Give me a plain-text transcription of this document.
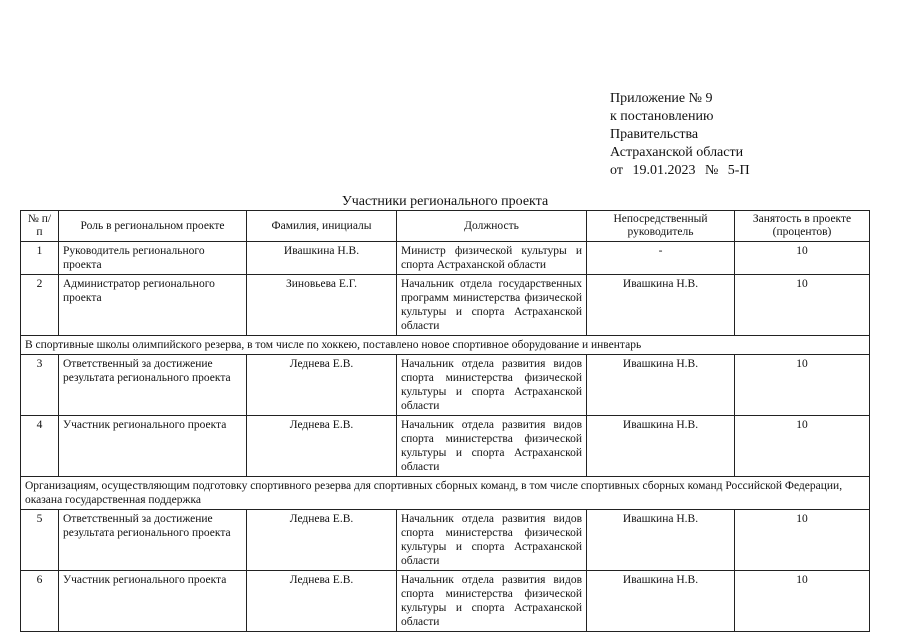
Приложение № 9
к постановлению
Правительства
Астраханской области
от 19.01.2023 № 5-П
Участники регионального проекта
№ п/п	Роль в региональном проекте	Фамилия, инициалы	Должность	Непосредственный руководитель	Занятость в проекте (процентов)
1	Руководитель регионального проекта	Ивашкина Н.В.	Министр физической культуры и спорта Астраханской области	-	10
2	Администратор регионального проекта	Зиновьева Е.Г.	Начальник отдела государственных программ министерства физической культуры и спорта Астраханской области	Ивашкина Н.В.	10
В спортивные школы олимпийского резерва, в том числе по хоккею, поставлено новое спортивное оборудование и инвентарь					
3	Ответственный за достижение результата регионального проекта	Леднева Е.В.	Начальник отдела развития видов спорта министерства физической культуры и спорта Астраханской области	Ивашкина Н.В.	10
4	Участник регионального проекта	Леднева Е.В.	Начальник отдела развития видов спорта министерства физической культуры и спорта Астраханской области	Ивашкина Н.В.	10
Организациям, осуществляющим подготовку спортивного резерва для спортивных сборных команд, в том числе спортивных сборных команд Российской Федерации, оказана государственная поддержка					
5	Ответственный за достижение результата регионального проекта	Леднева Е.В.	Начальник отдела развития видов спорта министерства физической культуры и спорта Астраханской области	Ивашкина Н.В.	10
6	Участник регионального проекта	Леднева Е.В.	Начальник отдела развития видов спорта министерства физической культуры и спорта Астраханской области	Ивашкина Н.В.	10
